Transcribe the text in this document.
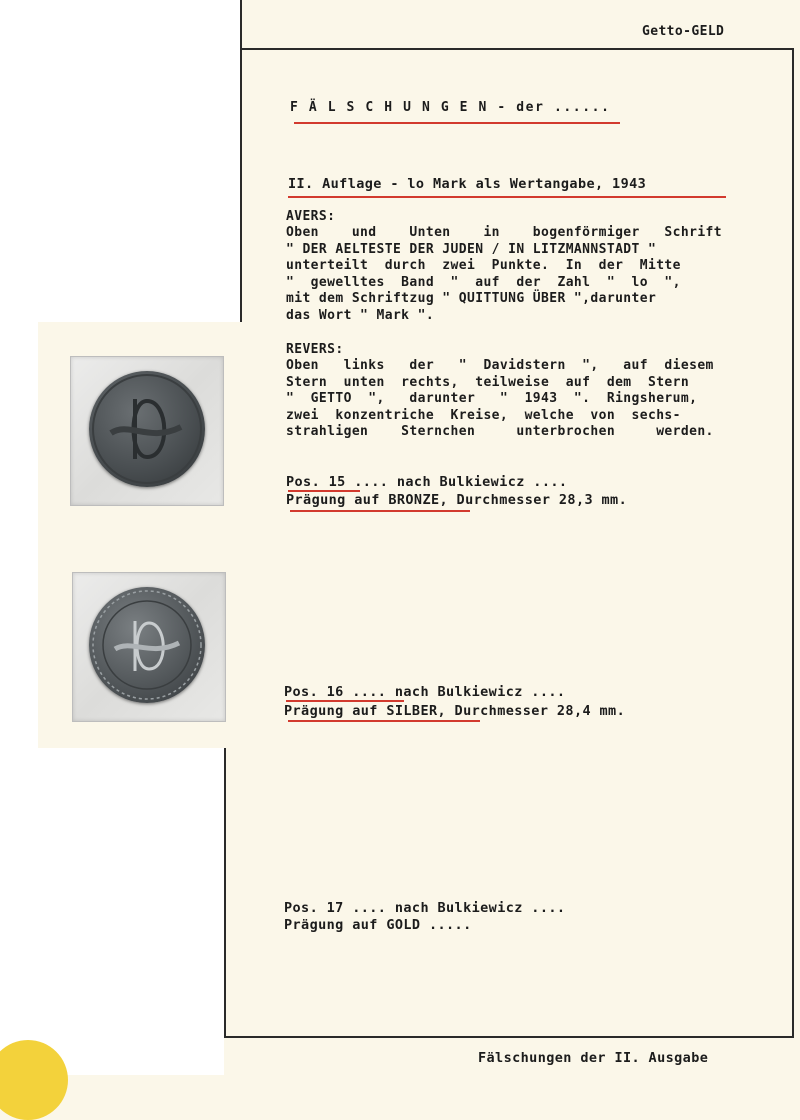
Getto-GELD
F Ä L S C H U N G E N - der ......
II. Auflage - lo Mark als Wertangabe, 1943
AVERS:
Oben    und    Unten    in    bogenförmiger   Schrift
" DER AELTESTE DER JUDEN / IN LITZMANNSTADT "
unterteilt  durch  zwei  Punkte.  In  der  Mitte
"  gewelltes  Band  "  auf  der  Zahl  "  lo  ",
mit dem Schriftzug " QUITTUNG ÜBER ",darunter
das Wort " Mark ".
REVERS:
Oben   links   der   "  Davidstern  ",   auf  diesem
Stern  unten  rechts,  teilweise  auf  dem  Stern
"  GETTO  ",   darunter   "  1943  ".  Ringsherum,
zwei  konzentriche  Kreise,  welche  von  sechs-
strahligen    Sternchen     unterbrochen     werden.
Pos. 15 .... nach Bulkiewicz ....
Prägung auf BRONZE, Durchmesser 28,3 mm.
Pos. 16 .... nach Bulkiewicz ....
Prägung auf SILBER, Durchmesser 28,4 mm.
Pos. 17 .... nach Bulkiewicz ....
Prägung auf GOLD .....
Fälschungen der II. Ausgabe
